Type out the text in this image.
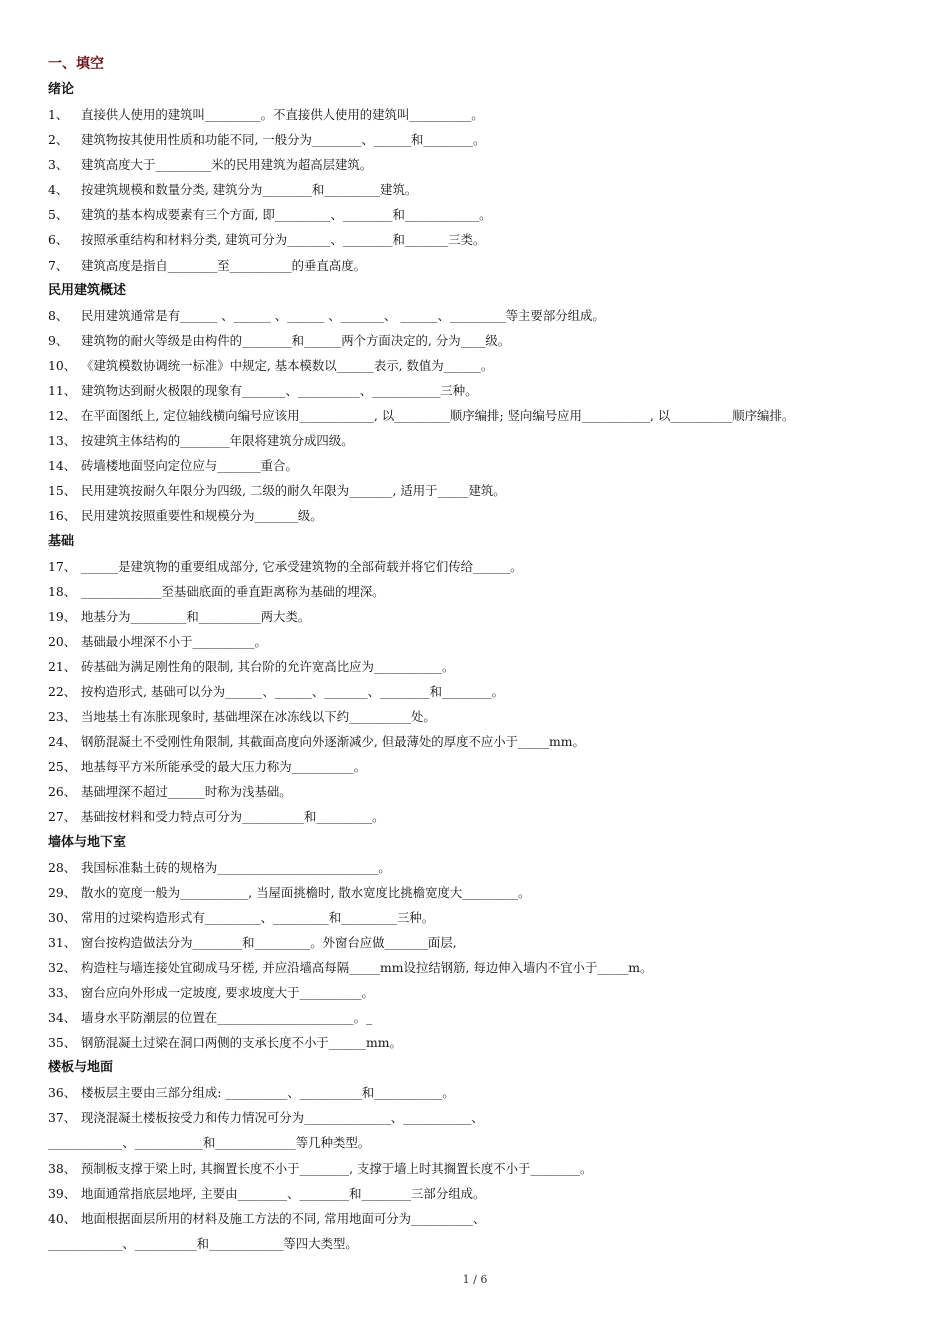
一、填空
绪论
1、 直接供人使用的建筑叫_________。不直接供人使用的建筑叫__________。
2、 建筑物按其使用性质和功能不同, 一般分为________、______和________。
3、 建筑高度大于_________米的民用建筑为超高层建筑。
4、 按建筑规模和数量分类, 建筑分为________和_________建筑。
5、 建筑的基本构成要素有三个方面, 即_________、________和____________。
6、 按照承重结构和材料分类, 建筑可分为_______、________和_______三类。
7、 建筑高度是指自________至__________的垂直高度。
民用建筑概述
8、 民用建筑通常是有______ 、______ 、______ 、_______、 ______、_________等主要部分组成。
9、 建筑物的耐火等级是由构件的________和______两个方面决定的, 分为____级。
10、 《建筑模数协调统一标准》中规定, 基本模数以______表示, 数值为______。
11、 建筑物达到耐火极限的现象有_______、__________、___________三种。
12、 在平面图纸上, 定位轴线横向编号应该用____________, 以_________顺序编排; 竖向编号应用___________, 以__________顺序编排。
13、 按建筑主体结构的________年限将建筑分成四级。
14、 砖墙楼地面竖向定位应与_______重合。
15、 民用建筑按耐久年限分为四级, 二级的耐久年限为_______, 适用于_____建筑。
16、 民用建筑按照重要性和规模分为_______级。
基础
17、 ______是建筑物的重要组成部分, 它承受建筑物的全部荷载并将它们传给______。
18、 _____________至基础底面的垂直距离称为基础的埋深。
19、 地基分为_________和__________两大类。
20、 基础最小埋深不小于__________。
21、 砖基础为满足刚性角的限制, 其台阶的允许宽高比应为___________。
22、 按构造形式, 基础可以分为______、______、_______、________和________。
23、 当地基土有冻胀现象时, 基础埋深在冰冻线以下约__________处。
24、 钢筋混凝土不受刚性角限制, 其截面高度向外逐渐减少, 但最薄处的厚度不应小于_____mm。
25、 地基每平方米所能承受的最大压力称为__________。
26、 基础埋深不超过______时称为浅基础。
27、 基础按材料和受力特点可分为__________和_________。
墙体与地下室
28、 我国标准黏土砖的规格为__________________________。
29、 散水的宽度一般为___________, 当屋面挑檐时, 散水宽度比挑檐宽度大_________。
30、 常用的过梁构造形式有_________、_________和_________三种。
31、 窗台按构造做法分为________和_________。外窗台应做_______面层,
32、 构造柱与墙连接处宜砌成马牙槎, 并应沿墙高每隔_____mm设拉结钢筋, 每边伸入墙内不宜小于_____m。
33、 窗台应向外形成一定坡度, 要求坡度大于__________。
34、 墙身水平防潮层的位置在______________________。_
35、 钢筋混凝土过梁在洞口两侧的支承长度不小于______mm。
楼板与地面
36、 楼板层主要由三部分组成: __________、__________和___________。
37、 现浇混凝土楼板按受力和传力情况可分为______________、___________、
____________、___________和_____________等几种类型。
38、 预制板支撑于梁上时, 其搁置长度不小于________, 支撑于墙上时其搁置长度不小于________。
39、 地面通常指底层地坪, 主要由________、________和________三部分组成。
40、 地面根据面层所用的材料及施工方法的不同, 常用地面可分为__________、
____________、__________和____________等四大类型。
1 / 6
